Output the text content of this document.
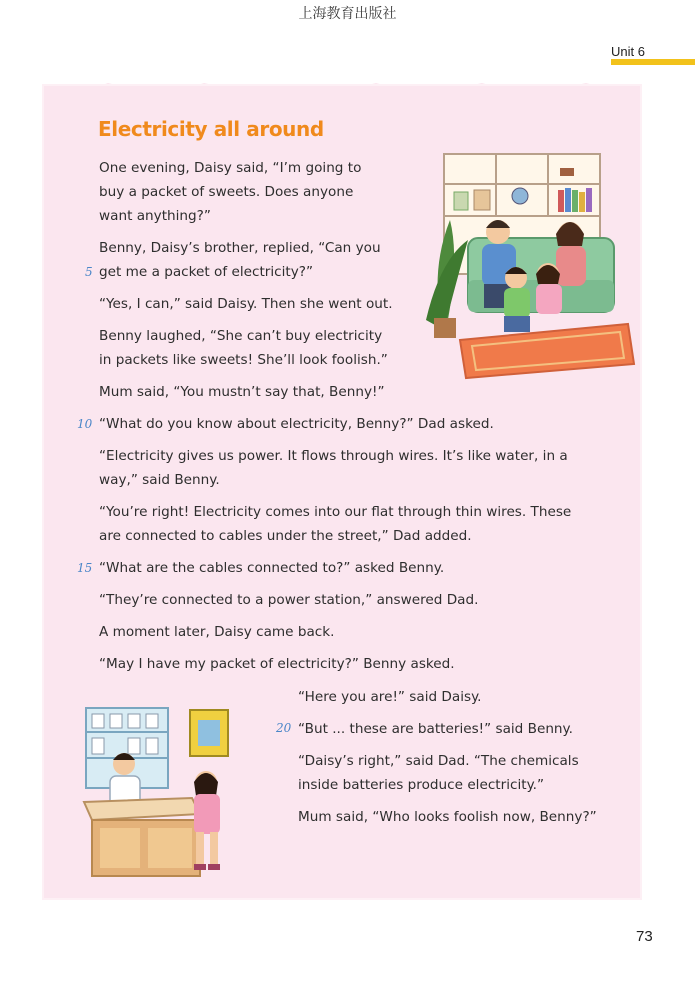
上海教育出版社
Unit 6
Electricity all around
One evening, Daisy said, “I’m going to
buy a packet of sweets. Does anyone
want anything?”
Benny, Daisy’s brother, replied, “Can you
get me a packet of electricity?”
“Yes, I can,” said Daisy. Then she went out.
Benny laughed, “She can’t buy electricity
in packets like sweets! She’ll look foolish.”
Mum said, “You mustn’t say that, Benny!”
“What do you know about electricity, Benny?” Dad asked.
“Electricity gives us power. It flows through wires. It’s like water, in a
way,” said Benny.
“You’re right! Electricity comes into our flat through thin wires. These
are connected to cables under the street,” Dad added.
“What are the cables connected to?” asked Benny.
“They’re connected to a power station,” answered Dad.
A moment later, Daisy came back.
“May I have my packet of electricity?” Benny asked.
“Here you are!” said Daisy.
“But ... these are batteries!” said Benny.
“Daisy’s right,” said Dad. “The chemicals
inside batteries produce electricity.”
Mum said, “Who looks foolish now, Benny?”
5
10
15
20
73
